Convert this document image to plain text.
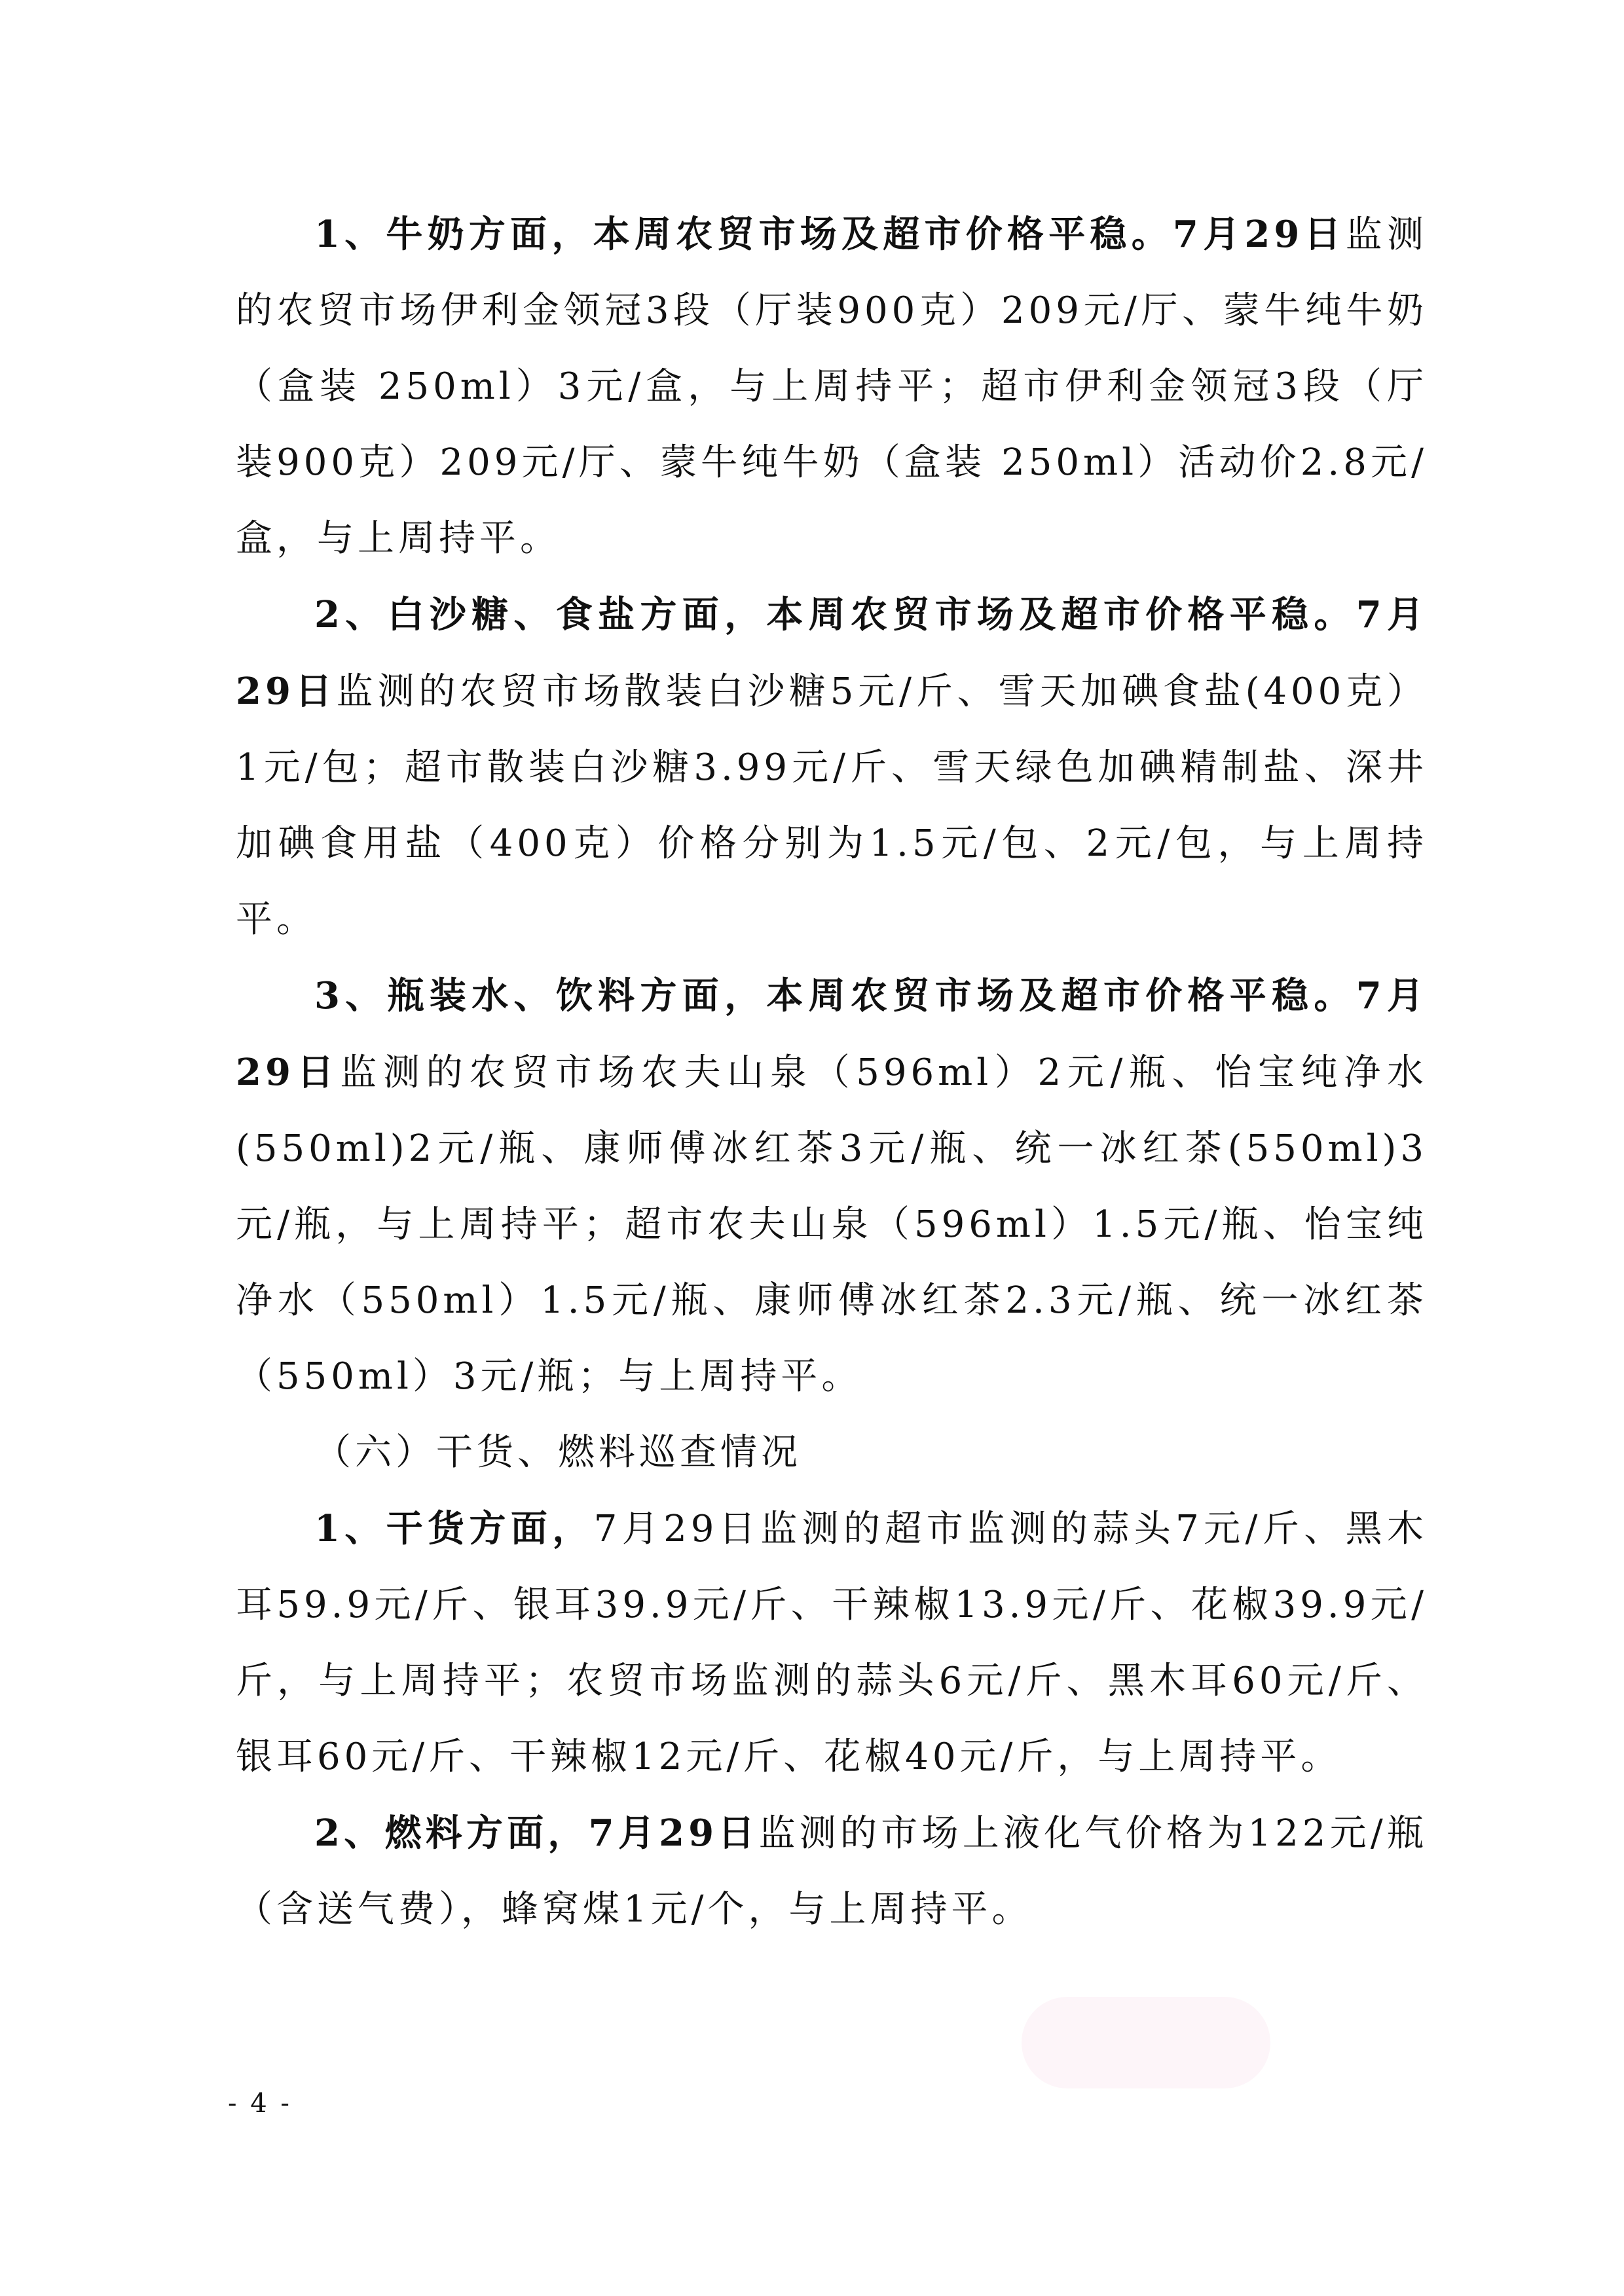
1、牛奶方面，本周农贸市场及超市价格平稳。7月29日监测的农贸市场伊利金领冠3段（厅装900克）209元/厅、蒙牛纯牛奶（盒装 250ml）3元/盒，与上周持平；超市伊利金领冠3段（厅装900克）209元/厅、蒙牛纯牛奶（盒装 250ml）活动价2.8元/盒，与上周持平。

2、白沙糖、食盐方面，本周农贸市场及超市价格平稳。7月29日监测的农贸市场散装白沙糖5元/斤、雪天加碘食盐(400克）1元/包；超市散装白沙糖3.99元/斤、雪天绿色加碘精制盐、深井加碘食用盐（400克）价格分别为1.5元/包、2元/包，与上周持平。

3、瓶装水、饮料方面，本周农贸市场及超市价格平稳。7月29日监测的农贸市场农夫山泉（596ml）2元/瓶、怡宝纯净水(550ml)2元/瓶、康师傅冰红茶3元/瓶、统一冰红茶(550ml)3元/瓶，与上周持平；超市农夫山泉（596ml）1.5元/瓶、怡宝纯净水（550ml）1.5元/瓶、康师傅冰红茶2.3元/瓶、统一冰红茶（550ml）3元/瓶；与上周持平。

（六）干货、燃料巡查情况

1、干货方面，7月29日监测的超市监测的蒜头7元/斤、黑木耳59.9元/斤、银耳39.9元/斤、干辣椒13.9元/斤、花椒39.9元/斤，与上周持平；农贸市场监测的蒜头6元/斤、黑木耳60元/斤、银耳60元/斤、干辣椒12元/斤、花椒40元/斤，与上周持平。

2、燃料方面，7月29日监测的市场上液化气价格为122元/瓶（含送气费），蜂窝煤1元/个，与上周持平。

- 4 -
